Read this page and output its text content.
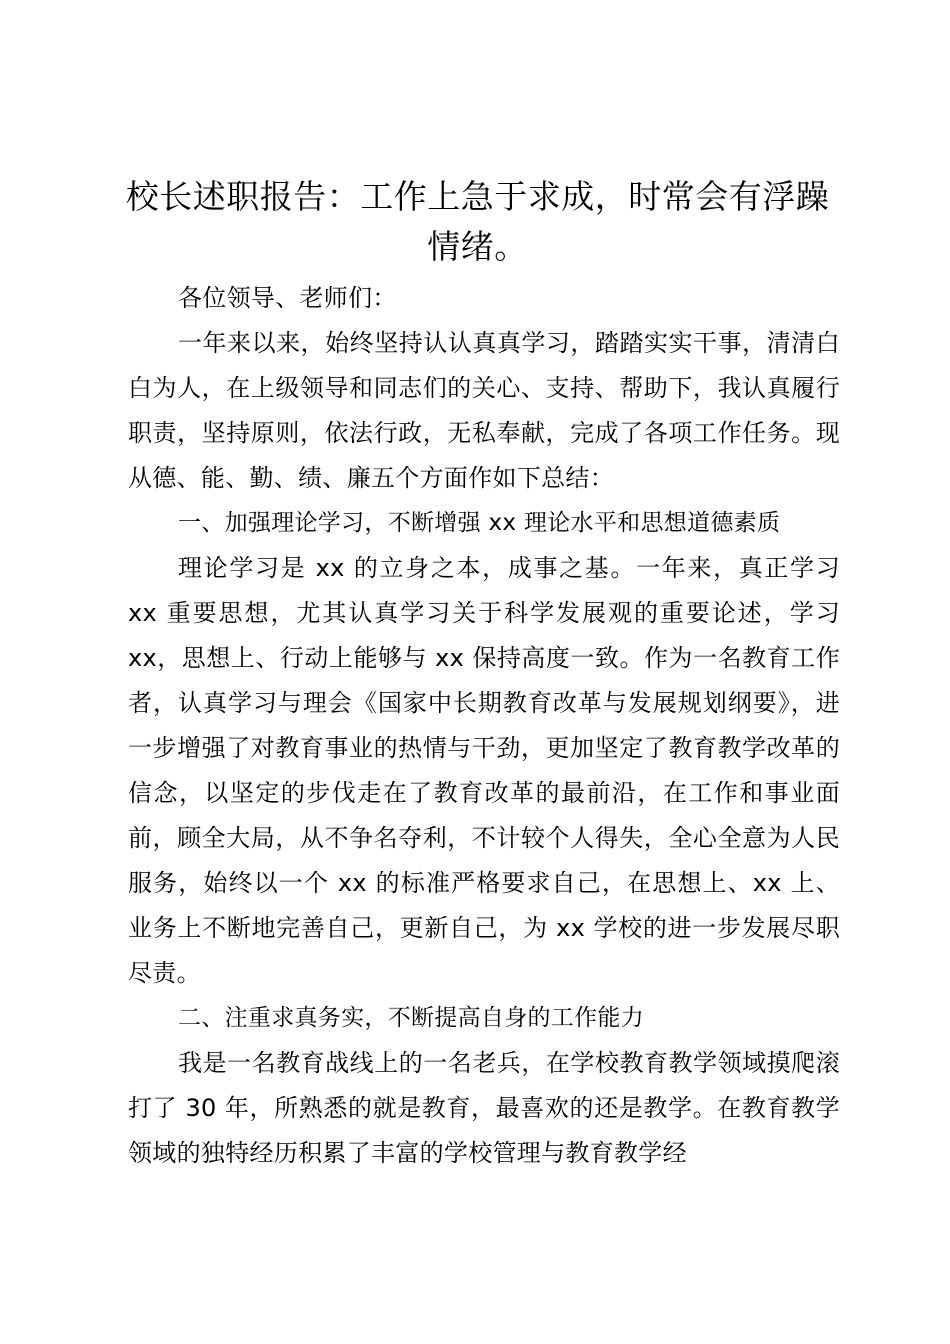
校长述职报告：工作上急于求成，时常会有浮躁情绪。

各位领导、老师们：

一年来以来，始终坚持认认真真学习，踏踏实实干事，清清白白为人，在上级领导和同志们的关心、支持、帮助下，我认真履行职责，坚持原则，依法行政，无私奉献，完成了各项工作任务。现从德、能、勤、绩、廉五个方面作如下总结：

一、加强理论学习，不断增强 xx 理论水平和思想道德素质

理论学习是 xx 的立身之本，成事之基。一年来，真正学习 xx 重要思想，尤其认真学习关于科学发展观的重要论述，学习 xx，思想上、行动上能够与 xx 保持高度一致。作为一名教育工作者，认真学习与理会《国家中长期教育改革与发展规划纲要》，进一步增强了对教育事业的热情与干劲，更加坚定了教育教学改革的信念，以坚定的步伐走在了教育改革的最前沿，在工作和事业面前，顾全大局，从不争名夺利，不计较个人得失，全心全意为人民服务，始终以一个 xx 的标准严格要求自己，在思想上、xx 上、业务上不断地完善自己，更新自己，为 xx 学校的进一步发展尽职尽责。

二、注重求真务实，不断提高自身的工作能力

我是一名教育战线上的一名老兵，在学校教育教学领域摸爬滚打了 30 年，所熟悉的就是教育，最喜欢的还是教学。在教育教学领域的独特经历积累了丰富的学校管理与教育教学经
